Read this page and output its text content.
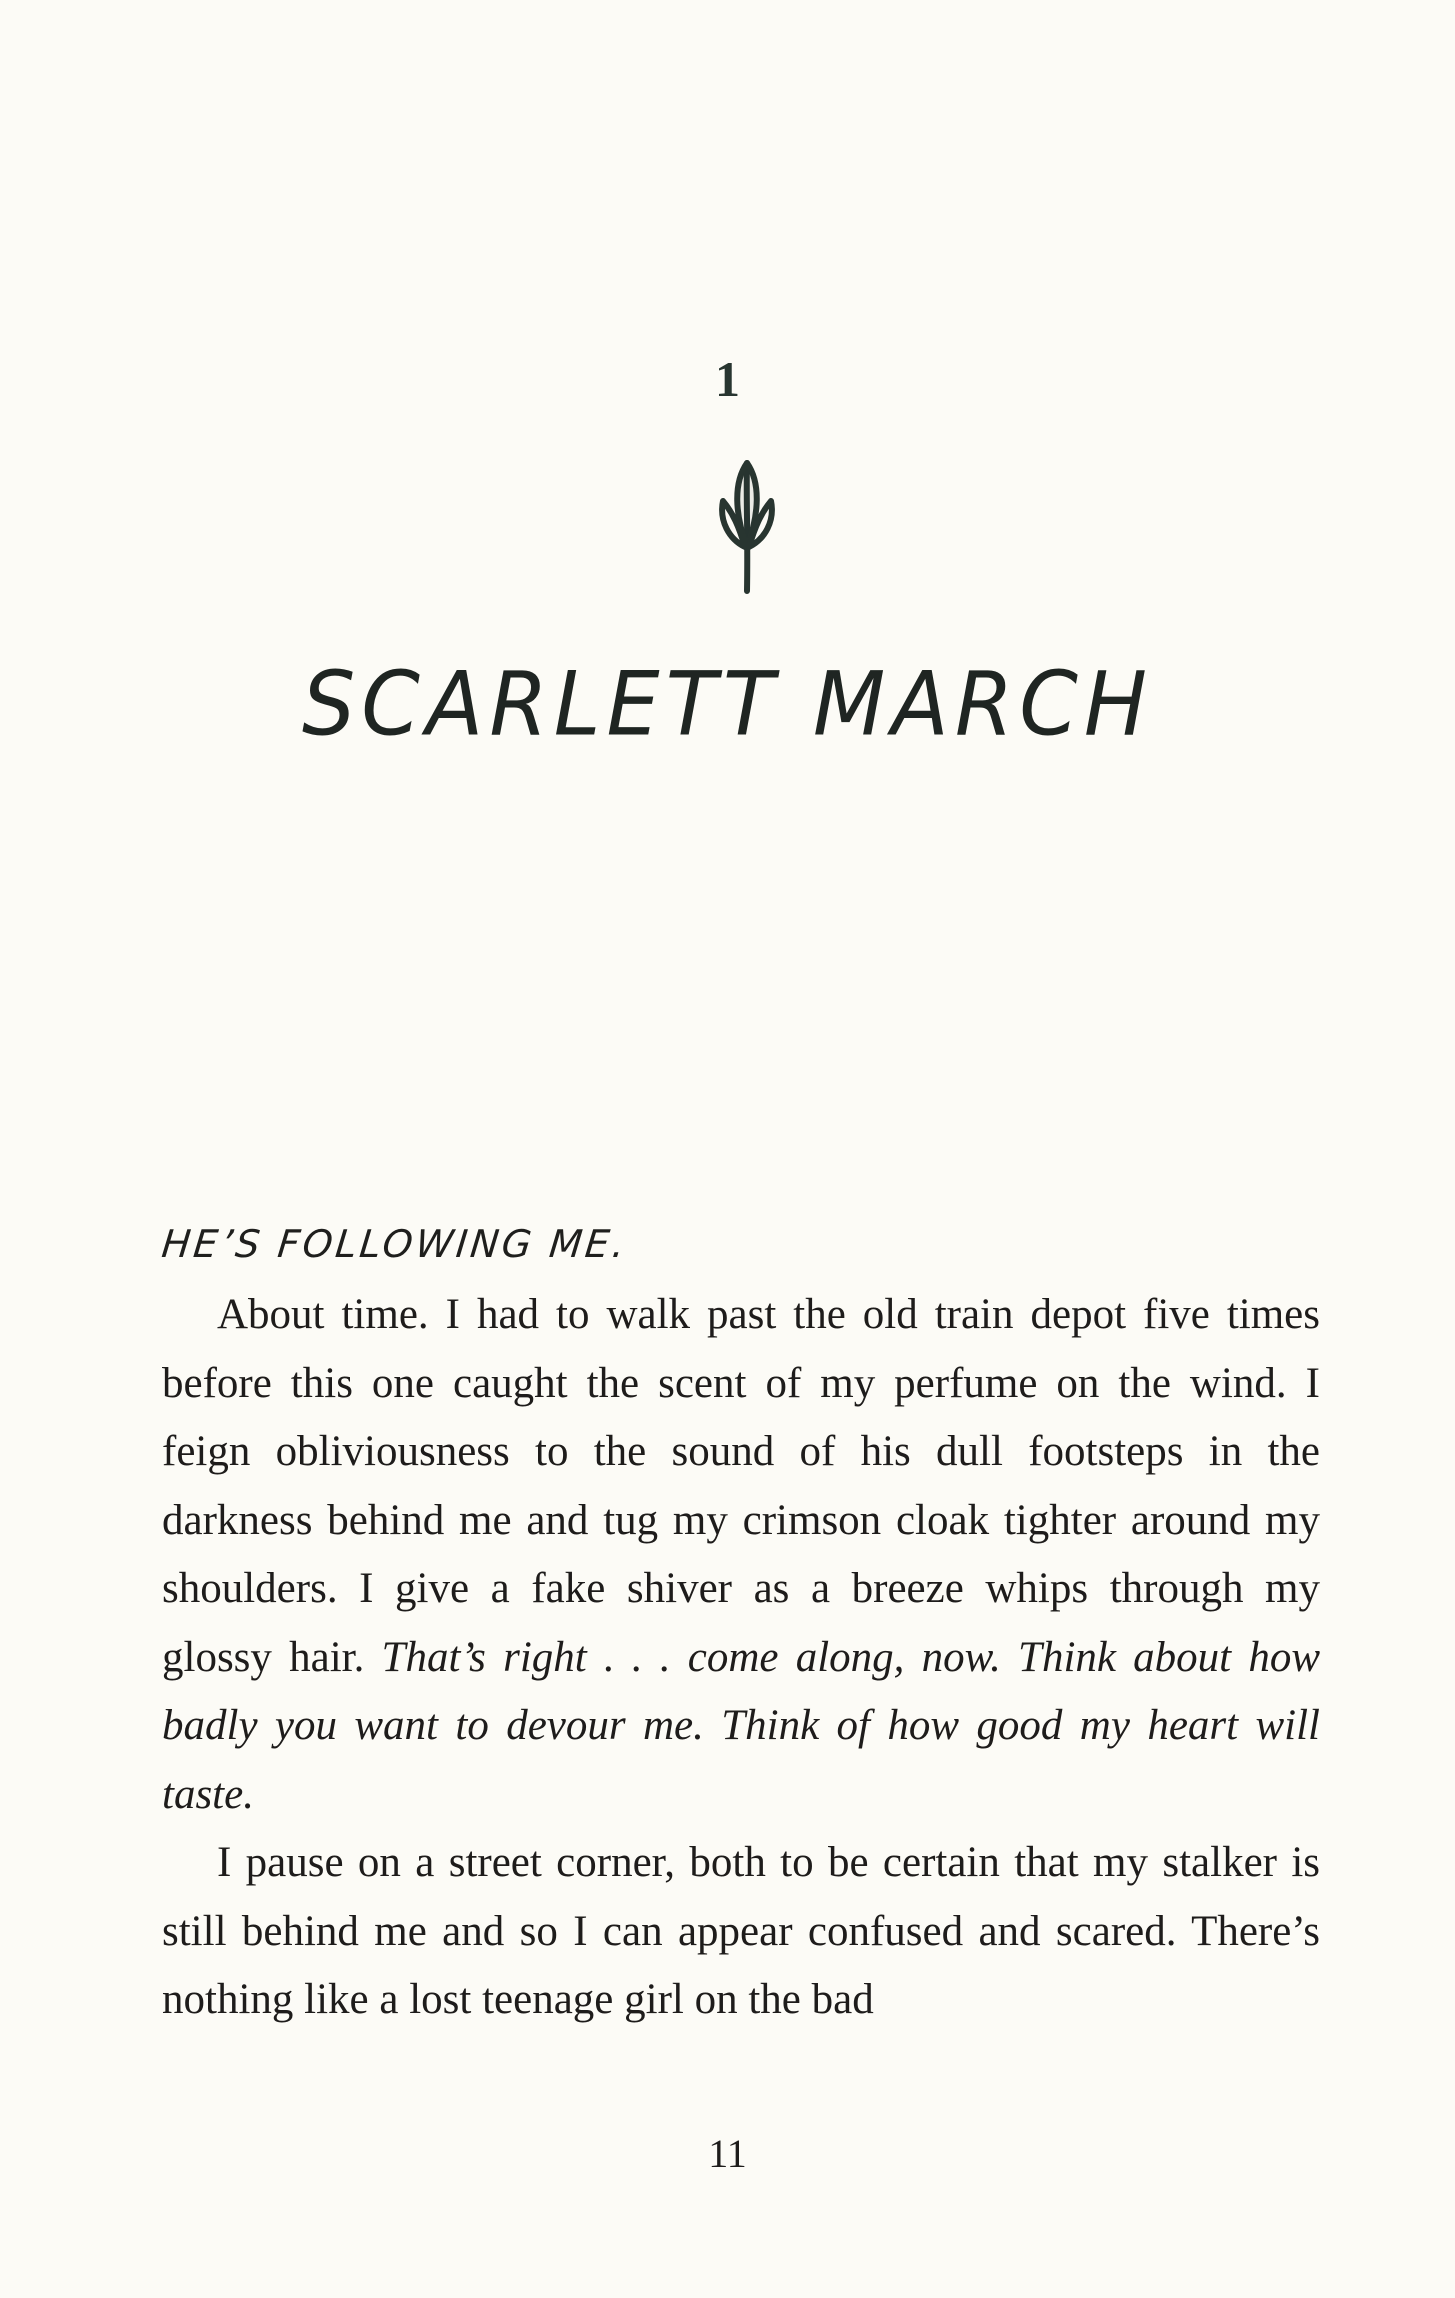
1
SCARLETT MARCH
HE’S FOLLOWING ME.

About time. I had to walk past the old train depot five times before this one caught the scent of my perfume on the wind. I feign obliviousness to the sound of his dull footsteps in the darkness behind me and tug my crimson cloak tighter around my shoulders. I give a fake shiver as a breeze whips through my glossy hair. That’s right . . . come along, now. Think about how badly you want to devour me. Think of how good my heart will taste.

I pause on a street corner, both to be certain that my stalker is still behind me and so I can appear confused and scared. There’s nothing like a lost teenage girl on the bad

11
